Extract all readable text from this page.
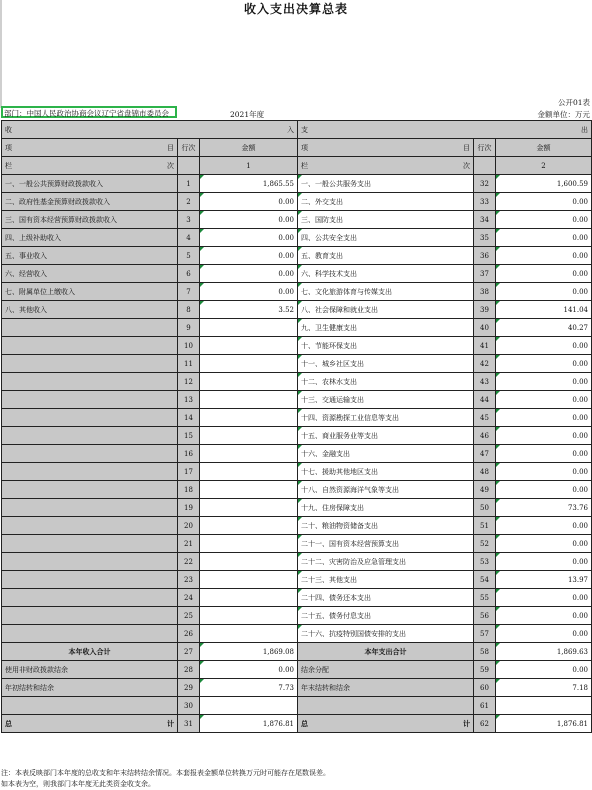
收入支出决算总表
公开01表
部门：中国人民政治协商会议辽宁省盘锦市委员会	2021年度	金额单位：万元
收 入			支 出		

项 目	行次	金额	项 目	行次	金额

栏 次		1	栏 次		2
一、一般公共预算财政拨款收入	1	1,865.55	一、一般公共服务支出	32	1,600.59
二、政府性基金预算财政拨款收入	2	0.00	二、外交支出	33	0.00
三、国有资本经营预算财政拨款收入	3	0.00	三、国防支出	34	0.00
四、上级补助收入	4	0.00	四、公共安全支出	35	0.00
五、事业收入	5	0.00	五、教育支出	36	0.00
六、经营收入	6	0.00	六、科学技术支出	37	0.00
七、附属单位上缴收入	7	0.00	七、文化旅游体育与传媒支出	38	0.00
八、其他收入	8	3.52	八、社会保障和就业支出	39	141.04
	9		九、卫生健康支出	40	40.27
	10		十、节能环保支出	41	0.00
	11		十一、城乡社区支出	42	0.00
	12		十二、农林水支出	43	0.00
	13		十三、交通运输支出	44	0.00
	14		十四、资源勘探工业信息等支出	45	0.00
	15		十五、商业服务业等支出	46	0.00
	16		十六、金融支出	47	0.00
	17		十七、援助其他地区支出	48	0.00
	18		十八、自然资源海洋气象等支出	49	0.00
	19		十九、住房保障支出	50	73.76
	20		二十、粮油物资储备支出	51	0.00
	21		二十一、国有资本经营预算支出	52	0.00
	22		二十二、灾害防治及应急管理支出	53	0.00
	23		二十三、其他支出	54	13.97
	24		二十四、债务还本支出	55	0.00
	25		二十五、债务付息支出	56	0.00
	26		二十六、抗疫特别国债安排的支出	57	0.00
本年收入合计	27	1,869.08	本年支出合计	58	1,869.63
使用非财政拨款结余	28	0.00	结余分配	59	0.00
年初结转和结余	29	7.73	年末结转和结余	60	7.18
	30			61	

总 计	31	1,876.81	总 计	62	1,876.81
注：本表反映部门本年度的总收支和年末结转结余情况。本套报表金额单位转换万元时可能存在尾数误差。
如本表为空，则我部门本年度无此类资金收支余。
